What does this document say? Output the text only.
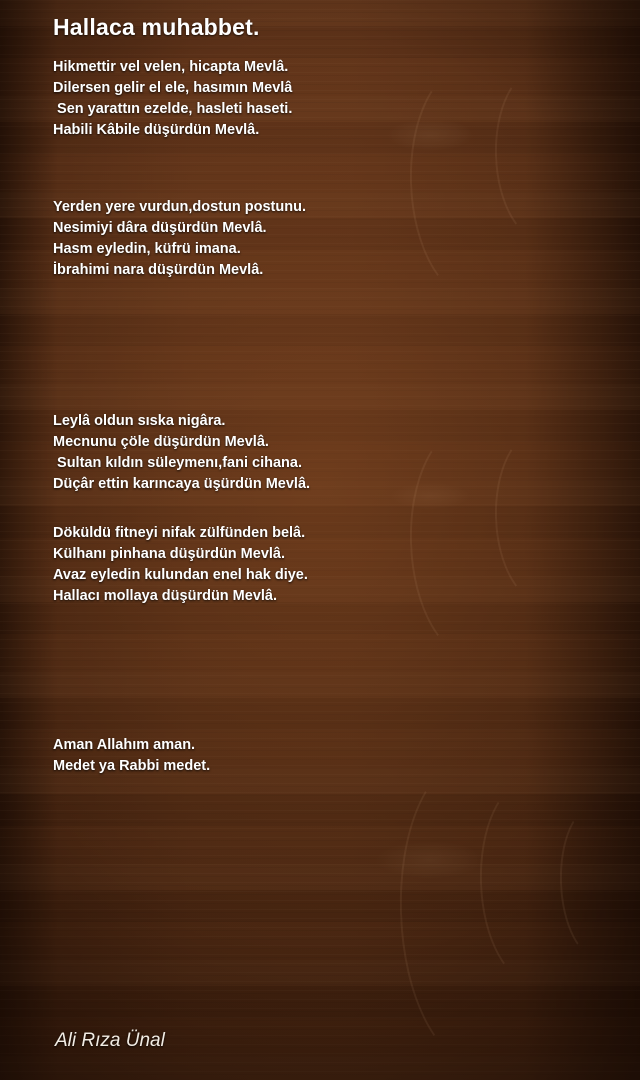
Hallaca muhabbet.
Hikmettir vel velen, hicapta Mevlâ.
Dilersen gelir el ele, hasımın Mevlâ
Sen yarattın ezelde, hasleti haseti.
Habili Kâbile düşürdün Mevlâ.
Yerden yere vurdun,dostun postunu.
Nesimiyi dâra düşürdün Mevlâ.
Hasm eyledin, küfrü imana.
İbrahimi nara düşürdün Mevlâ.
Leylâ oldun sıska nigâra.
Mecnunu çöle düşürdün Mevlâ.
Sultan kıldın süleymenı,fani cihana.
Düçâr ettin karıncaya üşürdün Mevlâ.
Döküldü fitneyi nifak zülfünden belâ.
Külhanı pinhana düşürdün Mevlâ.
Avaz eyledin kulundan enel hak diye.
Hallacı mollaya düşürdün Mevlâ.
Aman Allahım aman.
Medet ya Rabbi medet.
Ali Rıza Ünal
